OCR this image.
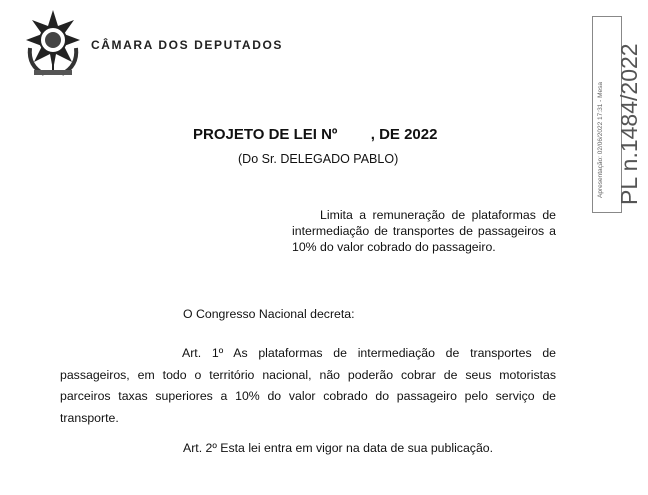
CÂMARA DOS DEPUTADOS
PROJETO DE LEI Nº        , DE 2022
(Do Sr. DELEGADO PABLO)
Limita a remuneração de plataformas de intermediação de transportes de passageiros a 10% do valor cobrado do passageiro.
O Congresso Nacional decreta:
Art. 1º As plataformas de intermediação de transportes de passageiros, em todo o território nacional, não poderão cobrar de seus motoristas parceiros taxas superiores a 10% do valor cobrado do passageiro pelo serviço de transporte.
Art. 2º Esta lei entra em vigor na data de sua publicação.
Apresentação: 02/06/2022 17:31 - Mesa PL n.1484/2022
